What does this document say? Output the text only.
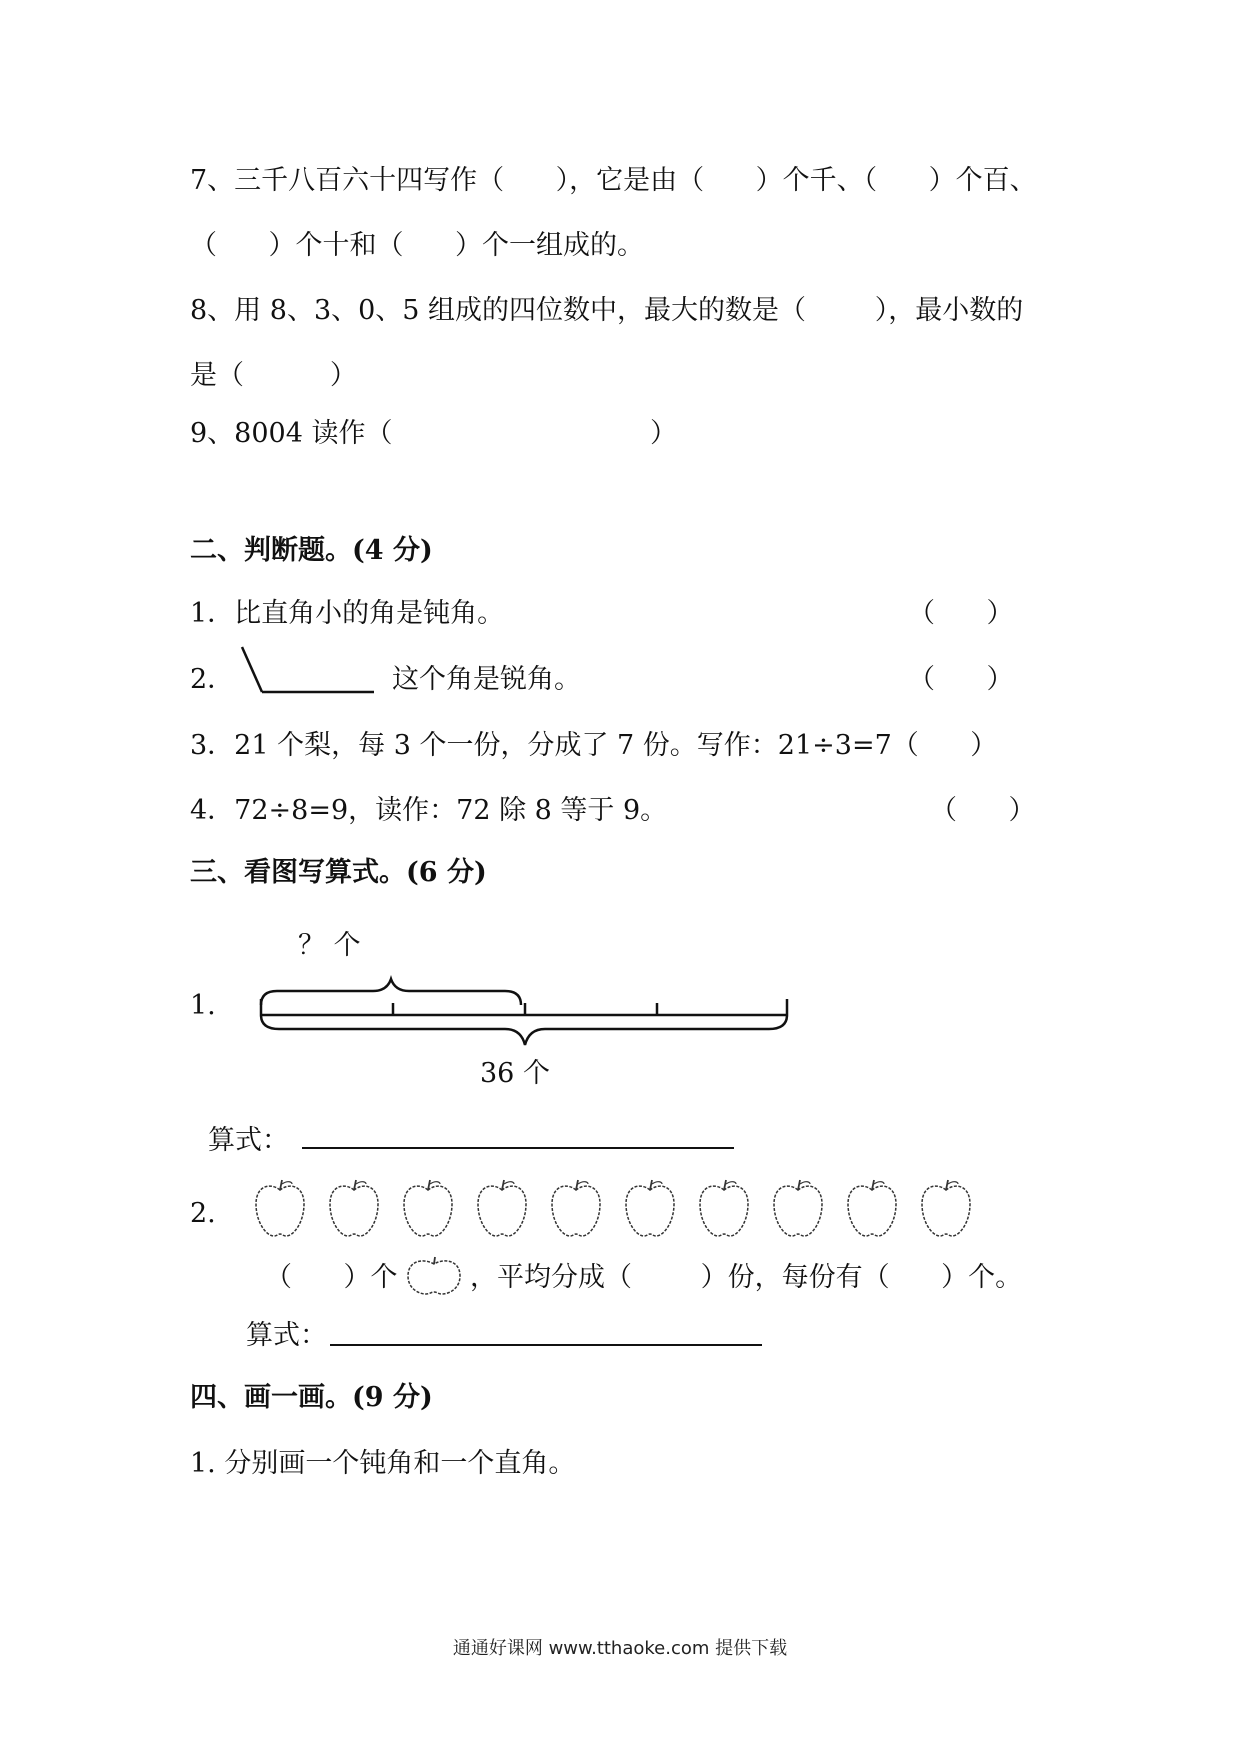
7、三千八百六十四写作（      ），它是由（      ）个千、（      ）个百、
（      ）个十和（      ）个一组成的。
8、用 8、3、0、5 组成的四位数中，最大的数是（        ），最小数的
是（          ）
9、8004 读作（                              ）
二、判断题。(4 分)
1．比直角小的角是钝角。	（      ）
2．	这个角是锐角。	（      ）
3．21 个梨，每 3 个一份，分成了 7 份。写作：21÷3=7（      ）
4．72÷8=9，读作：72 除 8 等于 9。	（      ）
三、看图写算式。(6 分)
1.
？ 个
36 个
算式：
2.
（      ）个	，平均分成（        ）份，每份有（      ）个。
算式：
四、画一画。(9 分)
1. 分别画一个钝角和一个直角。
通通好课网 www.tthaoke.com 提供下载
